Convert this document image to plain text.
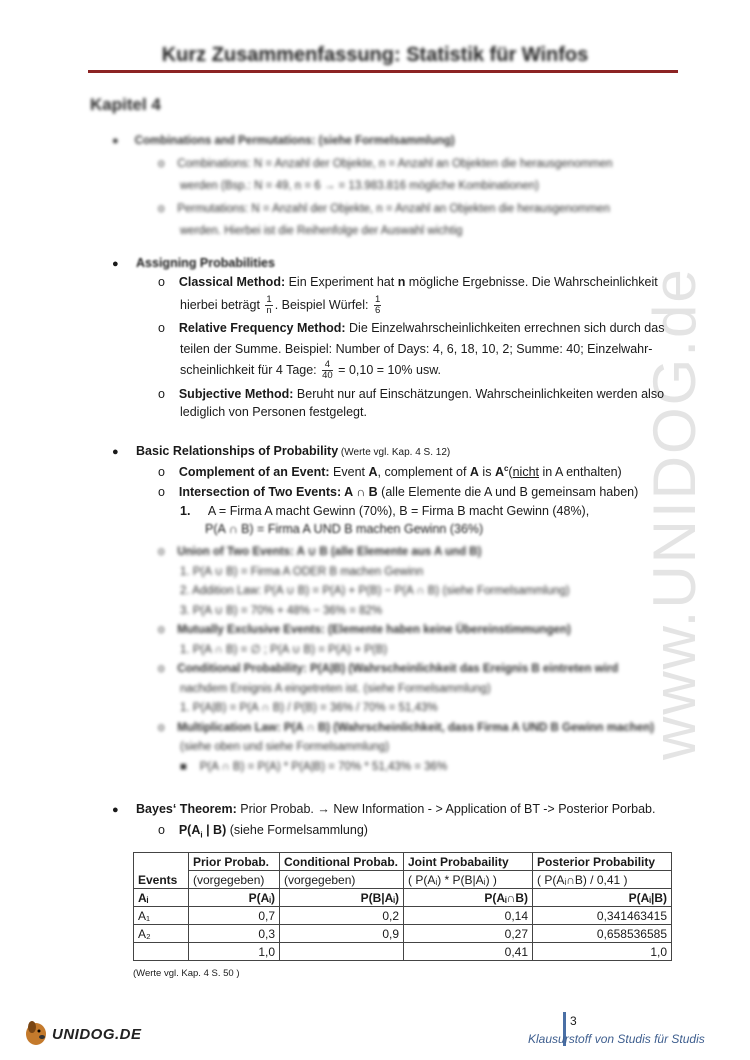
Kurz Zusammenfassung: Statistik für Winfos
Kapitel 4
www.UNIDOG.de
● Combinations and Permutations: (siehe Formelsammlung)
o    Combinations: N = Anzahl der Objekte, n = Anzahl an Objekten die herausgenommen
werden (Bsp.: N = 49, n = 6 → = 13.983.816 mögliche Kombinationen)
o    Permutations: N = Anzahl der Objekte, n = Anzahl an Objekten die herausgenommen
werden. Hierbei ist die Reihenfolge der Auswahl wichtig
● Assigning Probabilities
o    Classical Method: Ein Experiment hat n mögliche Ergebnisse. Die Wahrscheinlichkeit
hierbei beträgt $\frac{1}{n}$ . Beispiel Würfel: $\frac{1}{6}$
o    Relative Frequency Method: Die Einzelwahrscheinlichkeiten errechnen sich durch das
teilen der Summe. Beispiel: Number of Days: 4, 6, 18, 10, 2; Summe: 40; Einzelwahr-
scheinlichkeit für 4 Tage: $\frac{4}{40} = 0,10 = 10\%$ usw.
o    Subjective Method: Beruht nur auf Einschätzungen. Wahrscheinlichkeiten werden also
lediglich von Personen festgelegt.
● Basic Relationships of Probability (Werte vgl. Kap. 4 S. 12)
o    Complement of an Event: Event A, complement of A is $A^c(nicht$ in A enthalten)
o    Intersection of Two Events: A ∩ B (alle Elemente die A und B gemeinsam haben)
1. A = Firma A macht Gewinn (70%), B = Firma B macht Gewinn (48%),
P(A ∩ B) = Firma A UND B machen Gewinn (36%)
o    Union of Two Events: A ∪ B (alle Elemente aus A und B)
1. P(A ∪ B) = Firma A ODER B machen Gewinn
2. Addition Law: P(A ∪ B) = P(A) + P(B) − P(A ∩ B) (siehe Formelsammlung)
3. P(A ∪ B) = 70% + 48% − 36% = 82%
o    Mutually Exclusive Events: (Elemente haben keine Übereinstimmungen)
1. P(A ∩ B) = ∅ ; P(A ∪ B) = P(A) + P(B)
o    Conditional Probability: P(A|B) (Wahrscheinlichkeit das Ereignis B eintreten wird
nachdem Ereignis A eingetreten ist. (siehe Formelsammlung)
1. P(A|B) = P(A ∩ B) / P(B) = 36% / 70% = 51,43%
o    Multiplication Law: P(A ∩ B) (Wahrscheinlichkeit, dass Firma A UND B Gewinn machen)
(siehe oben und siehe Formelsammlung)
■    P(A ∩ B) = P(A) * P(A|B) = 70% * 51,43% = 36%
● Bayes‘ Theorem: Prior Probab. → New Information - > Application of BT -> Posterior Porbab.
o    $P(A_i$ | B) (siehe Formelsammlung)
Events	Prior Probab.	Conditional Probab.	Joint Probabaility	Posterior Probability
	(vorgegeben)	(vorgegeben)	( P(Aᵢ) * P(B|Aᵢ) )	( P(Aᵢ∩B) / 0,41 )
Aᵢ	P(Aᵢ)	P(B|Aᵢ)	P(Aᵢ∩B)	P(Aᵢ|B)
A₁	0,7	0,2	0,14	0,341463415
A₂	0,3	0,9	0,27	0,658536585
	1,0		0,41	1,0
(Werte vgl. Kap. 4 S. 50 )
UNIDOG.DE
3
Klausurstoff von Studis für Studis
